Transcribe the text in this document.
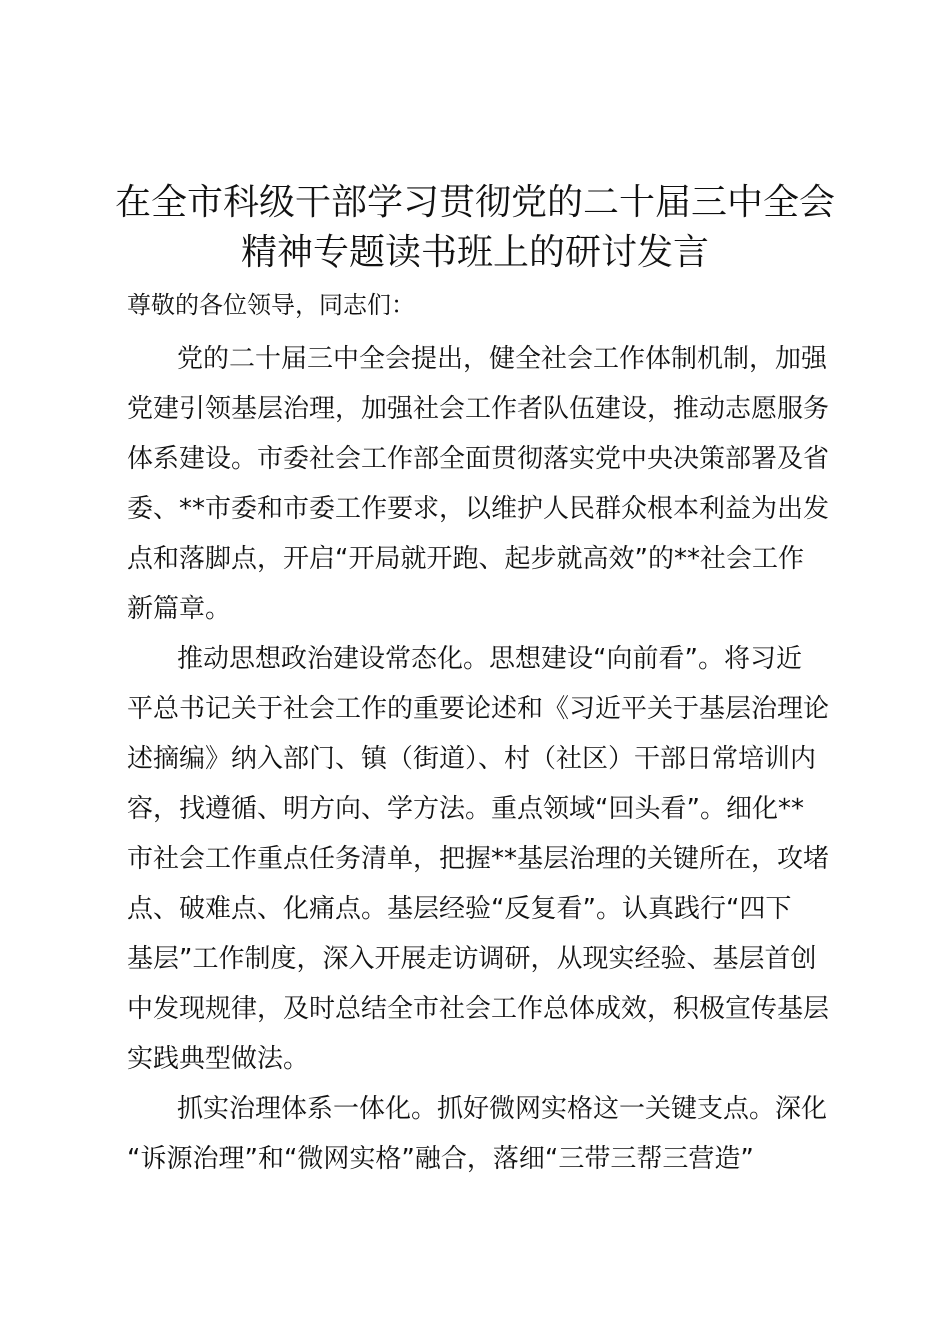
在全市科级干部学习贯彻党的二十届三中全会
精神专题读书班上的研讨发言
尊敬的各位领导，同志们：
党的二十届三中全会提出，健全社会工作体制机制，加强
党建引领基层治理，加强社会工作者队伍建设，推动志愿服务
体系建设。市委社会工作部全面贯彻落实党中央决策部署及省
委、**市委和市委工作要求，以维护人民群众根本利益为出发
点和落脚点，开启“开局就开跑、起步就高效”的**社会工作
新篇章。
推动思想政治建设常态化。思想建设“向前看”。将习近
平总书记关于社会工作的重要论述和《习近平关于基层治理论
述摘编》纳入部门、镇（街道）、村（社区）干部日常培训内
容，找遵循、明方向、学方法。重点领域“回头看”。细化**
市社会工作重点任务清单，把握**基层治理的关键所在，攻堵
点、破难点、化痛点。基层经验“反复看”。认真践行“四下
基层”工作制度，深入开展走访调研，从现实经验、基层首创
中发现规律，及时总结全市社会工作总体成效，积极宣传基层
实践典型做法。
抓实治理体系一体化。抓好微网实格这一关键支点。深化
“诉源治理”和“微网实格”融合，落细“三带三帮三营造”
